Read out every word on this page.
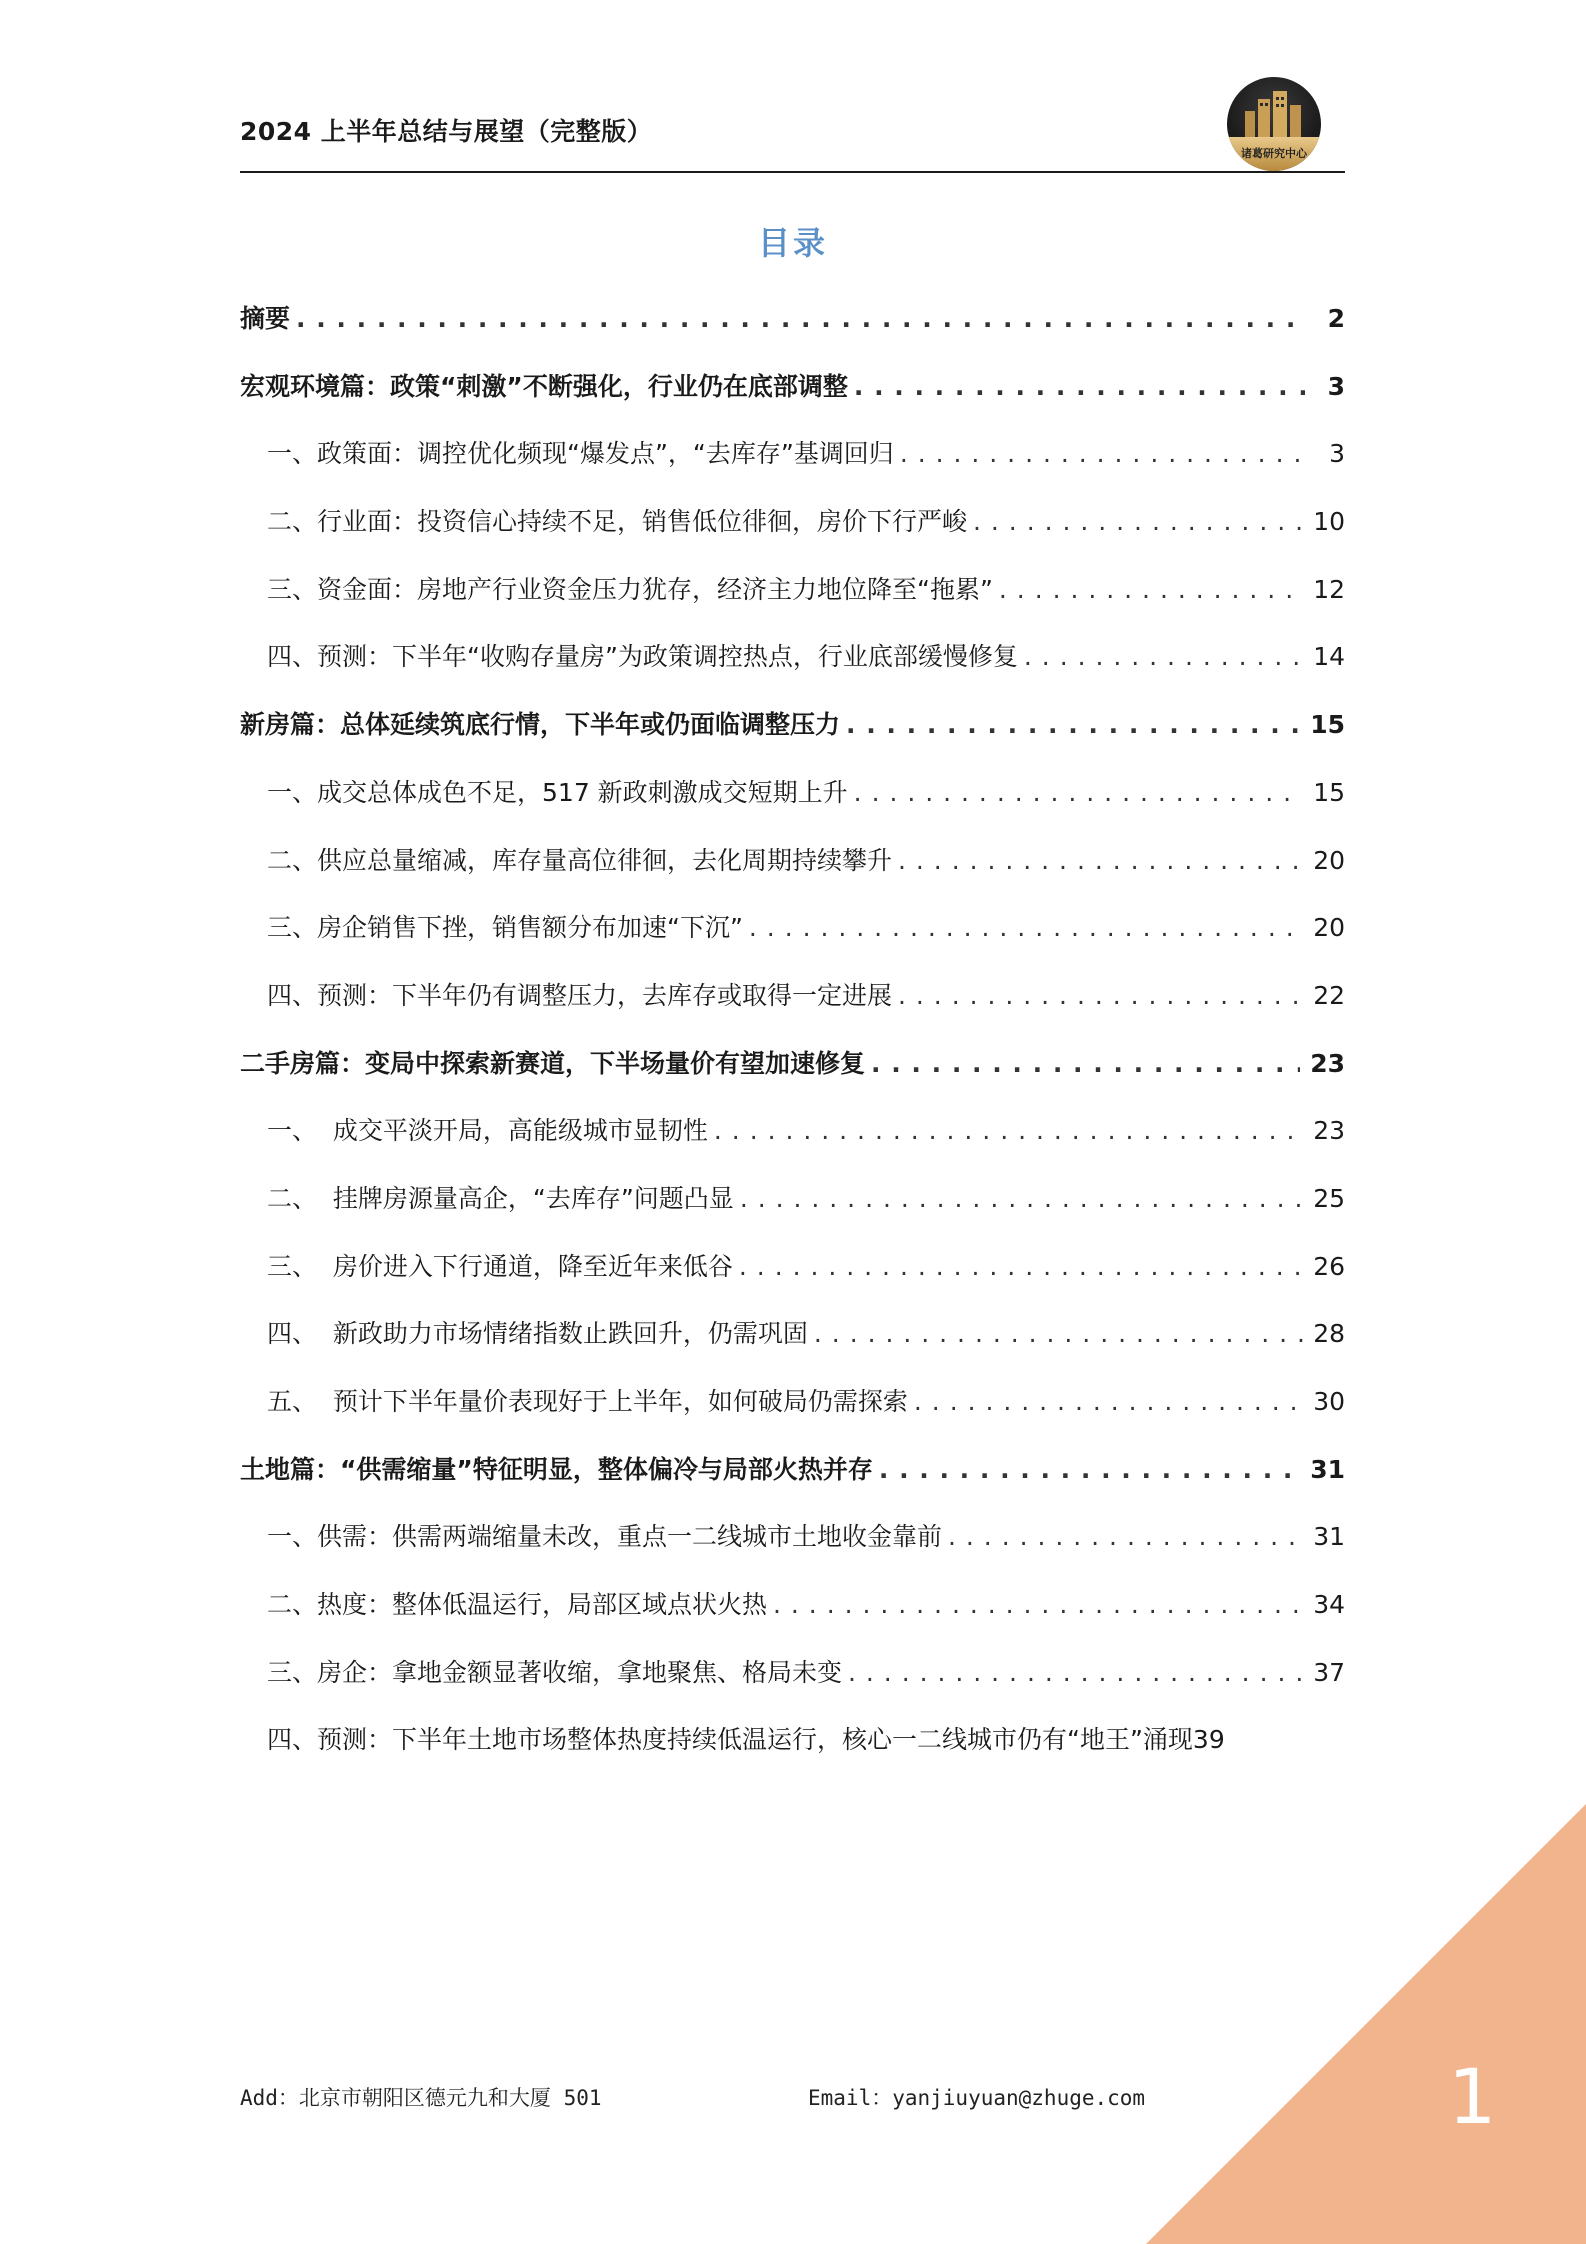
2024 上半年总结与展望（完整版）
诸葛研究中心
目录
摘要 . . .	2
宏观环境篇：政策“刺激”不断强化，行业仍在底部调整 . . .	3
一、政策面：调控优化频现“爆发点”，“去库存”基调回归 . . .	3
二、行业面：投资信心持续不足，销售低位徘徊，房价下行严峻 . . .	10
三、资金面：房地产行业资金压力犹存，经济主力地位降至“拖累” . . .	12
四、预测：下半年“收购存量房”为政策调控热点，行业底部缓慢修复 . . .	14
新房篇：总体延续筑底行情，下半年或仍面临调整压力 . . .	15
一、成交总体成色不足，517 新政刺激成交短期上升 . . .	15
二、供应总量缩减，库存量高位徘徊，去化周期持续攀升 . . .	20
三、房企销售下挫，销售额分布加速“下沉” . . .	20
四、预测：下半年仍有调整压力，去库存或取得一定进展 . . .	22
二手房篇：变局中探索新赛道，下半场量价有望加速修复 . . .	23
一、  成交平淡开局，高能级城市显韧性 . . .	23
二、  挂牌房源量高企，“去库存”问题凸显 . . .	25
三、  房价进入下行通道，降至近年来低谷 . . .	26
四、  新政助力市场情绪指数止跌回升，仍需巩固 . . .	28
五、  预计下半年量价表现好于上半年，如何破局仍需探索 . . .	30
土地篇：“供需缩量”特征明显，整体偏冷与局部火热并存 . . .	31
一、供需：供需两端缩量未改，重点一二线城市土地收金靠前 . . .	31
二、热度：整体低温运行，局部区域点状火热 . . .	34
三、房企：拿地金额显著收缩，拿地聚焦、格局未变 . . .	37
四、预测：下半年土地市场整体热度持续低温运行，核心一二线城市仍有“地王”涌现 39
Add：北京市朝阳区德元九和大厦 501	Email：yanjiuyuan@zhuge.com	1
